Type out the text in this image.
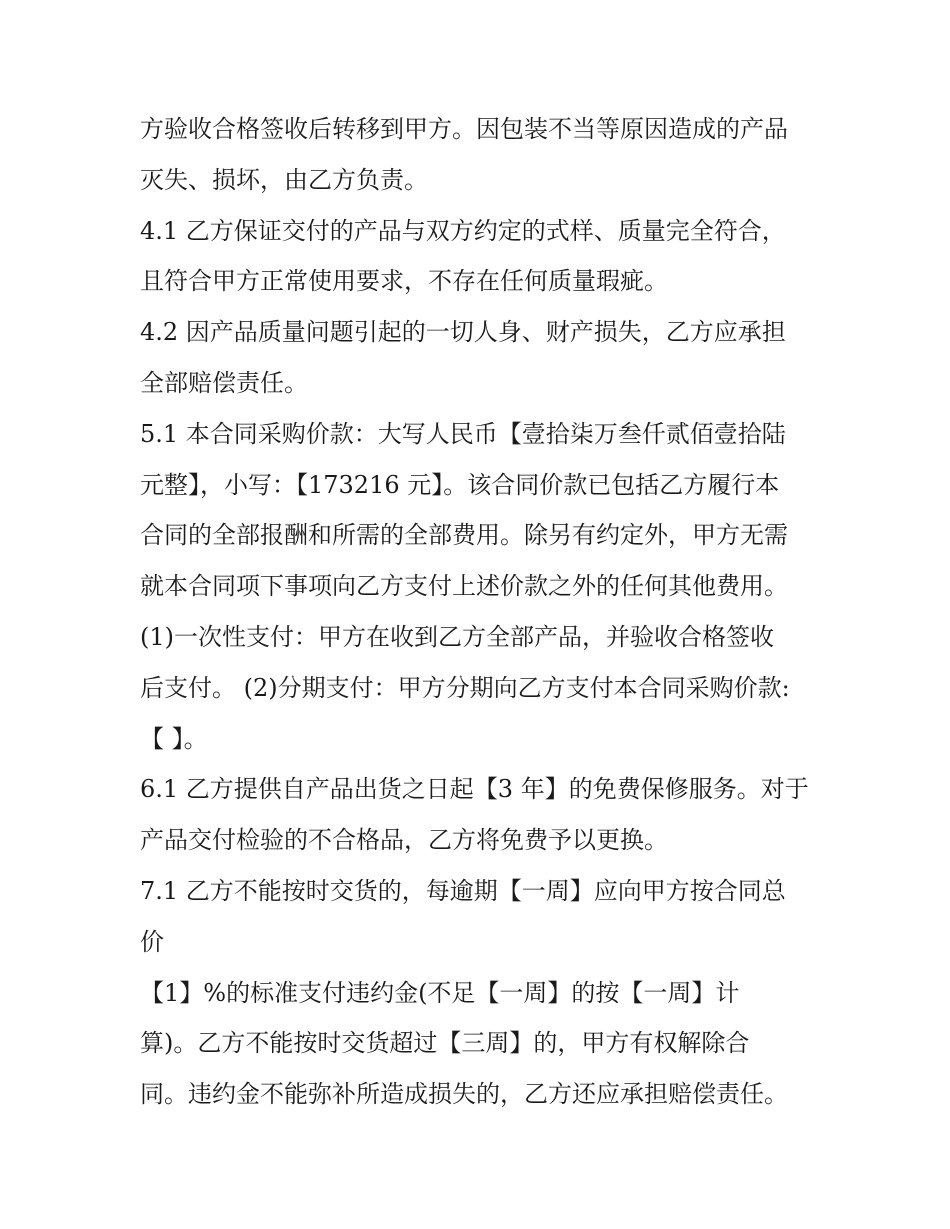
方验收合格签收后转移到甲方。因包装不当等原因造成的产品
灭失、损坏，由乙方负责。
4.1 乙方保证交付的产品与双方约定的式样、质量完全符合，
且符合甲方正常使用要求，不存在任何质量瑕疵。
4.2 因产品质量问题引起的一切人身、财产损失，乙方应承担
全部赔偿责任。
5.1 本合同采购价款：大写人民币【壹拾柒万叁仟贰佰壹拾陆
元整】，小写：【173216 元】。该合同价款已包括乙方履行本
合同的全部报酬和所需的全部费用。除另有约定外，甲方无需
就本合同项下事项向乙方支付上述价款之外的任何其他费用。
(1)一次性支付：甲方在收到乙方全部产品，并验收合格签收
后支付。 (2)分期支付：甲方分期向乙方支付本合同采购价款:
【 】。
6.1 乙方提供自产品出货之日起【3 年】的免费保修服务。对于
产品交付检验的不合格品，乙方将免费予以更换。
7.1 乙方不能按时交货的，每逾期【一周】应向甲方按合同总
价
【1】%的标准支付违约金(不足【一周】的按【一周】计
算)。乙方不能按时交货超过【三周】的，甲方有权解除合
同。违约金不能弥补所造成损失的，乙方还应承担赔偿责任。
